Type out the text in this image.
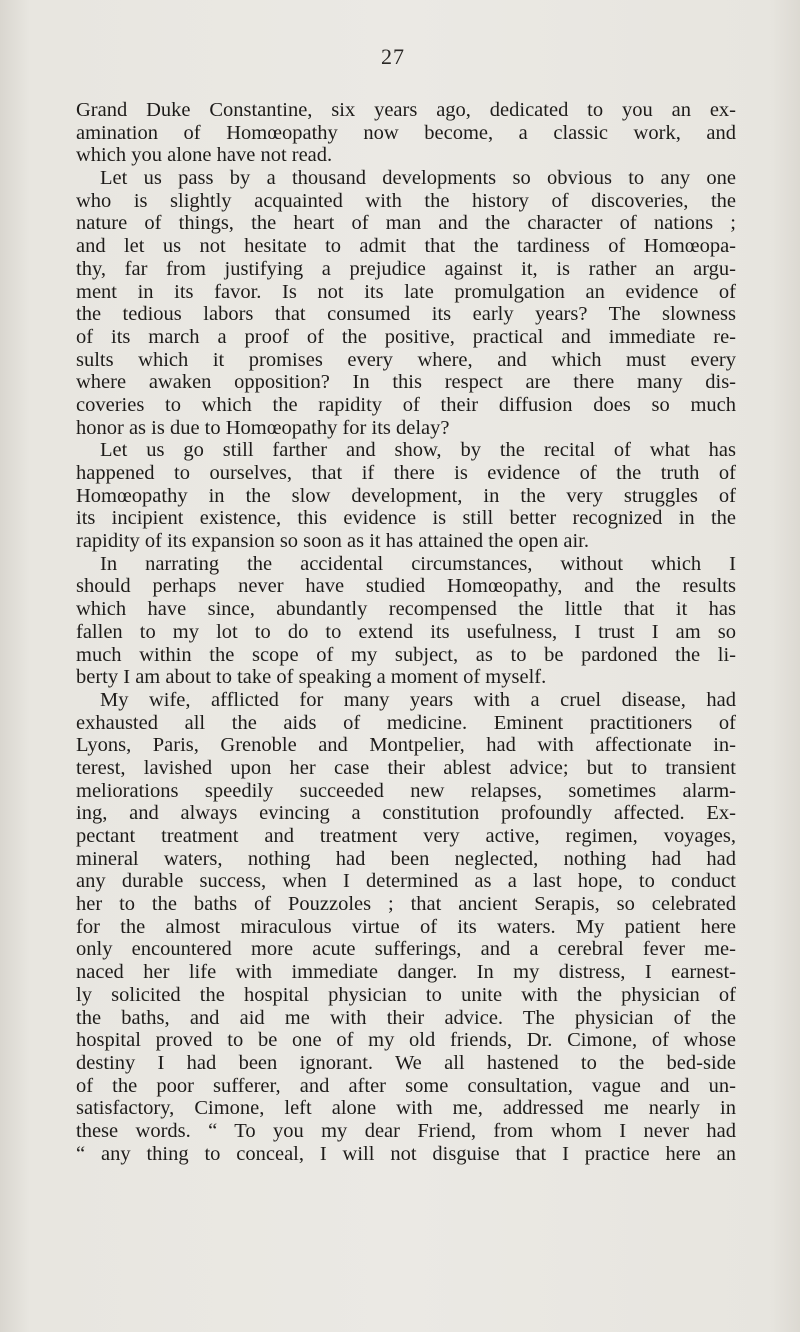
27
Grand Duke Constantine, six years ago, dedicated to you an ex-
amination of Homœopathy now become, a classic work, and
which you alone have not read.
Let us pass by a thousand developments so obvious to any one
who is slightly acquainted with the history of discoveries, the
nature of things, the heart of man and the character of nations ;
and let us not hesitate to admit that the tardiness of Homœopa-
thy, far from justifying a prejudice against it, is rather an argu-
ment in its favor. Is not its late promulgation an evidence of
the tedious labors that consumed its early years? The slowness
of its march a proof of the positive, practical and immediate re-
sults which it promises every where, and which must every
where awaken opposition? In this respect are there many dis-
coveries to which the rapidity of their diffusion does so much
honor as is due to Homœopathy for its delay?
Let us go still farther and show, by the recital of what has
happened to ourselves, that if there is evidence of the truth of
Homœopathy in the slow development, in the very struggles of
its incipient existence, this evidence is still better recognized in the
rapidity of its expansion so soon as it has attained the open air.
In narrating the accidental circumstances, without which I
should perhaps never have studied Homœopathy, and the results
which have since, abundantly recompensed the little that it has
fallen to my lot to do to extend its usefulness, I trust I am so
much within the scope of my subject, as to be pardoned the li-
berty I am about to take of speaking a moment of myself.
My wife, afflicted for many years with a cruel disease, had
exhausted all the aids of medicine. Eminent practitioners of
Lyons, Paris, Grenoble and Montpelier, had with affectionate in-
terest, lavished upon her case their ablest advice; but to transient
meliorations speedily succeeded new relapses, sometimes alarm-
ing, and always evincing a constitution profoundly affected. Ex-
pectant treatment and treatment very active, regimen, voyages,
mineral waters, nothing had been neglected, nothing had had
any durable success, when I determined as a last hope, to conduct
her to the baths of Pouzzoles ; that ancient Serapis, so celebrated
for the almost miraculous virtue of its waters. My patient here
only encountered more acute sufferings, and a cerebral fever me-
naced her life with immediate danger. In my distress, I earnest-
ly solicited the hospital physician to unite with the physician of
the baths, and aid me with their advice. The physician of the
hospital proved to be one of my old friends, Dr. Cimone, of whose
destiny I had been ignorant. We all hastened to the bed-side
of the poor sufferer, and after some consultation, vague and un-
satisfactory, Cimone, left alone with me, addressed me nearly in
these words. “ To you my dear Friend, from whom I never had
“ any thing to conceal, I will not disguise that I practice here an
